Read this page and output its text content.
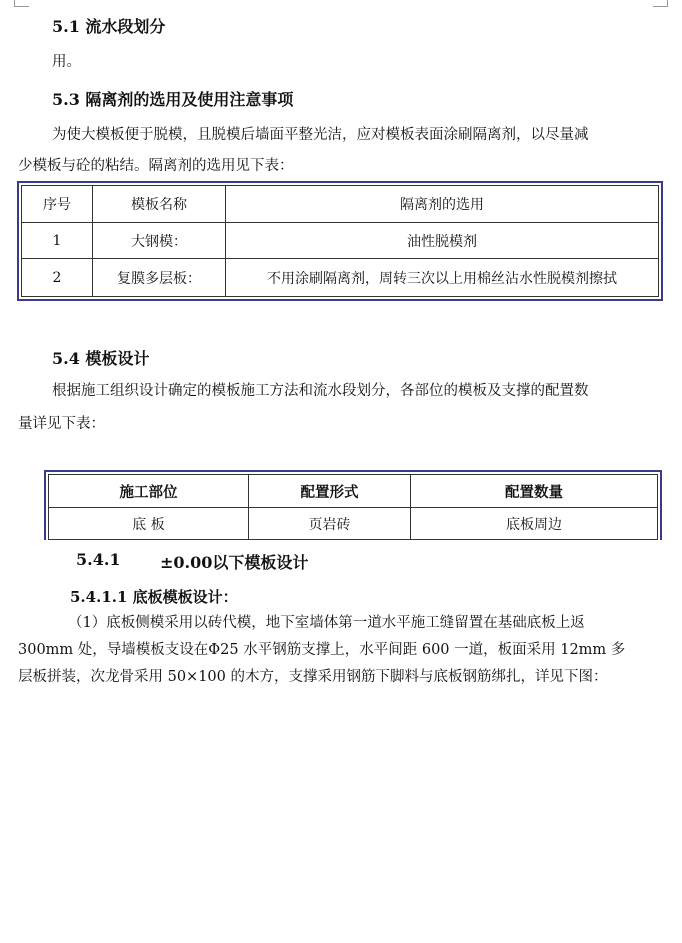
5.1 流水段划分
用。
5.3 隔离剂的选用及使用注意事项
为使大模板便于脱模，且脱模后墙面平整光洁，应对模板表面涂刷隔离剂，以尽量减
少模板与砼的粘结。隔离剂的选用见下表：
序号	模板名称	隔离剂的选用
1	大钢模：	油性脱模剂
2	复膜多层板：	不用涂刷隔离剂，周转三次以上用棉丝沾水性脱模剂擦拭
5.4 模板设计
根据施工组织设计确定的模板施工方法和流水段划分，各部位的模板及支撑的配置数
量详见下表：
施工部位	配置形式	配置数量
底 板	页岩砖	底板周边
5.4.1 ±0.00以下模板设计
5.4.1.1 底板模板设计：
（1）底板侧模采用以砖代模，地下室墙体第一道水平施工缝留置在基础底板上返
300mm 处，导墙模板支设在Φ25 水平钢筋支撑上，水平间距 600 一道，板面采用 12mm 多
层板拼装，次龙骨采用 50×100 的木方，支撑采用钢筋下脚料与底板钢筋绑扎，详见下图：
